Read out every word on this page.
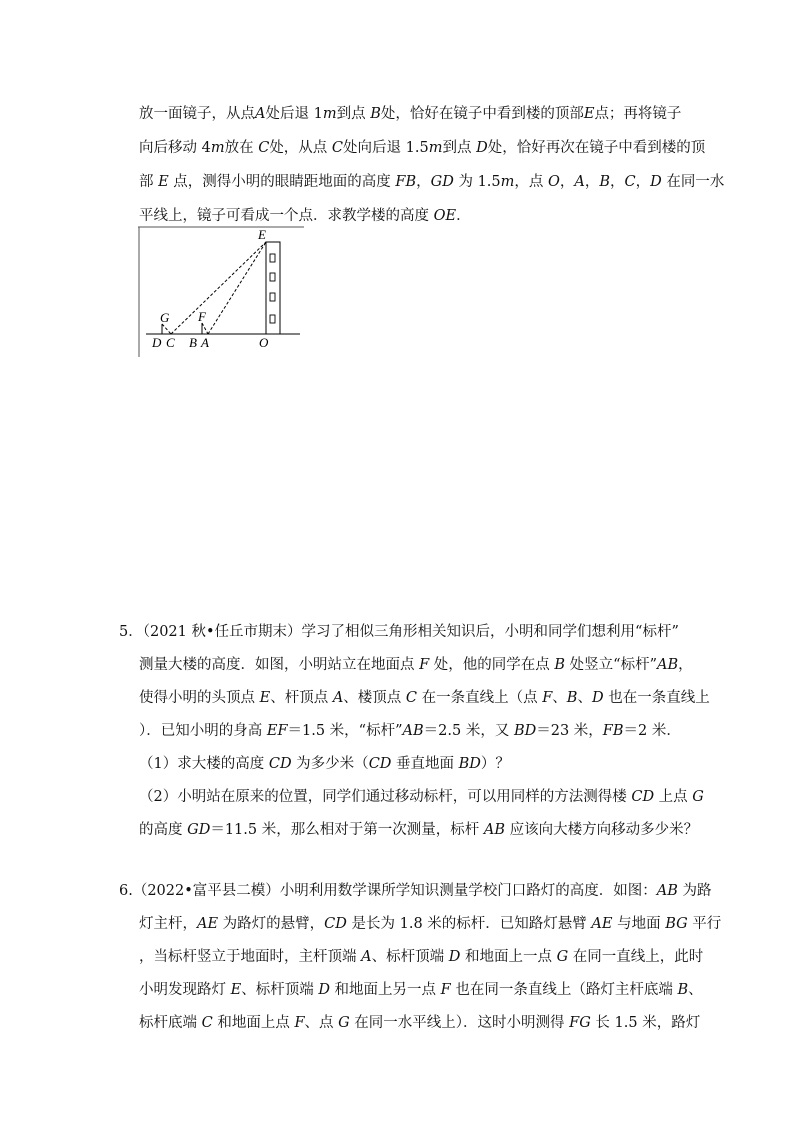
放一面镜子，从点A处后退 1m到点 B处，恰好在镜子中看到楼的顶部E点；再将镜子
向后移动 4m放在 C处，从点 C处向后退 1.5m到点 D处，恰好再次在镜子中看到楼的顶
部 E 点，测得小明的眼睛距地面的高度 FB，GD 为 1.5m，点 O，A，B，C，D 在同一水
平线上，镜子可看成一个点．求教学楼的高度 OE．
E
G F
D C B A	O
5．（2021 秋•任丘市期末）学习了相似三角形相关知识后，小明和同学们想利用“标杆”
测量大楼的高度．如图，小明站立在地面点 F 处，他的同学在点 B 处竖立“标杆”AB，
使得小明的头顶点 E、杆顶点 A、楼顶点 C 在一条直线上（点 F、B、D 也在一条直线上
）．已知小明的身高 EF＝1.5 米，“标杆”AB＝2.5 米，又 BD＝23 米，FB＝2 米．
（1）求大楼的高度 CD 为多少米（CD 垂直地面 BD）？
（2）小明站在原来的位置，同学们通过移动标杆，可以用同样的方法测得楼 CD 上点 G
的高度 GD＝11.5 米，那么相对于第一次测量，标杆 AB 应该向大楼方向移动多少米？
6.（2022•富平县二模）小明利用数学课所学知识测量学校门口路灯的高度．如图：AB 为路
灯主杆，AE 为路灯的悬臂，CD 是长为 1.8 米的标杆．已知路灯悬臂 AE 与地面 BG 平行
，当标杆竖立于地面时，主杆顶端 A、标杆顶端 D 和地面上一点 G 在同一直线上，此时
小明发现路灯 E、标杆顶端 D 和地面上另一点 F 也在同一条直线上（路灯主杆底端 B、
标杆底端 C 和地面上点 F、点 G 在同一水平线上）．这时小明测得 FG 长 1.5 米，路灯
